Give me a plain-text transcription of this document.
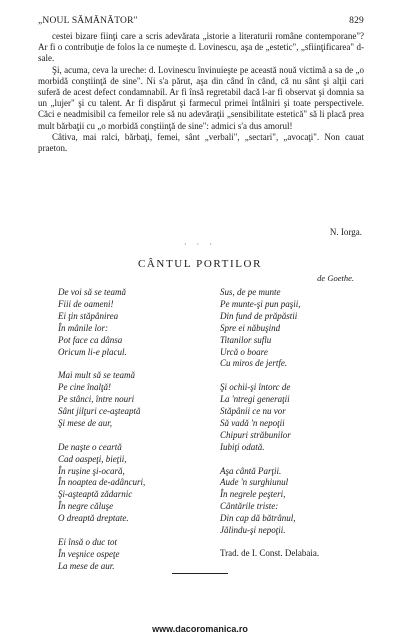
„NOUL SĂMĂNĂTOR"	829

cestei bizare fiinţi care a scris adevărata „istorie a literaturii române contemporane"? Ar fi o contribuţie de folos la ce numeşte d. Lovinescu, aşa de „estetic", „sfiinţificarea" d-sale.

Şi, acuma, ceva la ureche: d. Lovinescu învinuieşte pe această nouă victimă a sa de „o morbidă conştiinţă de sine". Ni s'a părut, aşa din când în când, că nu sânt şi alţii cari suferă de acest defect condamnabil. Ar fi însă regretabil dacă l-ar fi observat şi domnia sa un „lujer" şi cu talent. Ar fi dispărut şi farmecul primei întâlniri şi toate perspectivele. Căci e neadmisibil ca femeilor rele să nu adevăraţii „sensibilitate estetică" să li placă prea mult bărbaţii cu „o morbidă conştiinţă de sine": admici s'a dus amorul!

Câtiva, mai ralci, bărbaţi, femei, sânt „verbali", „sectari", „avocaţi". Non cauat praeton.

N. Iorga.
· · ·
CÂNTUL PORTILOR
de Goethe.
De voi să se teamă
Fiii de oameni!
Ei ţin stăpânirea
În mânile lor:
Pot face ca dânsa
Oricum li-e placul.
Mai mult să se teamă
Pe cine înalţă!
Pe stânci, între nouri
Sânt jilţuri ce-aşteaptă
Şi mese de aur,
De naşte o ceartă
Cad oaspeţi, bieţii,
În rușine şi-ocară,
În noaptea de-adâncuri,
Şi-aşteaptă zădarnic
În negre căluşe
O dreaptă dreptate.
Ei însă o duc tot
În veşnice ospeţe
La mese de aur.
Sus, de pe munte
Pe munte-şi pun paşii,
Din fund de prăpăstii
Spre ei năbuşind
Titanilor suflu
Urcă o boare
Cu miros de jertfe.
Şi ochii-şi întorc de
La 'ntregi generaţii
Stăpânii ce nu vor
Să vadă 'n nepoţii
Chipuri străbunilor
Iubiţi odată.
Aşa cântă Parţii.
Aude 'n surghiunul
În negrele peşteri,
Cântările triste:
Din cap dă bătrânul,
Jălindu-şi nepoţii.
Trad. de I. Const. Delabaia.
www.dacoromanica.ro
